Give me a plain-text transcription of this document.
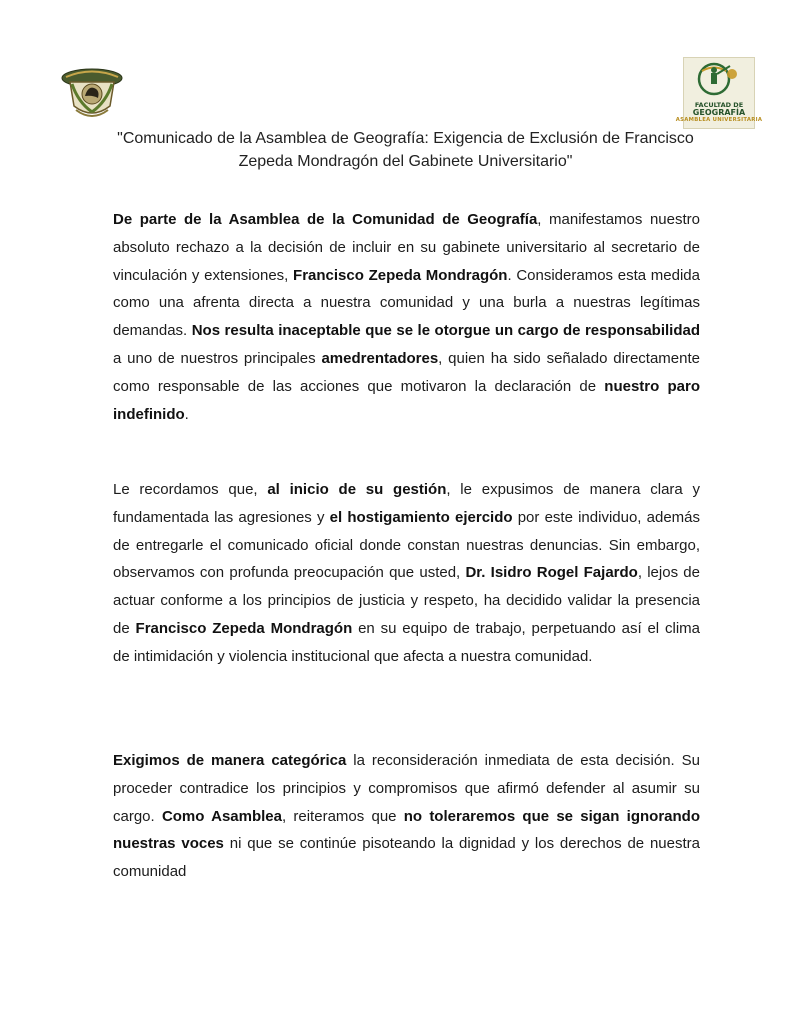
FACULTAD DE
GEOGRAFÍA
ASAMBLEA UNIVERSITARIA
"Comunicado de la Asamblea de Geografía: Exigencia de Exclusión de Francisco
Zepeda Mondragón del Gabinete Universitario"
De parte de la Asamblea de la Comunidad de Geografía, manifestamos nuestro absoluto rechazo a la decisión de incluir en su gabinete universitario al secretario de vinculación y extensiones, Francisco Zepeda Mondragón. Consideramos esta medida como una afrenta directa a nuestra comunidad y una burla a nuestras legítimas demandas. Nos resulta inaceptable que se le otorgue un cargo de responsabilidad a uno de nuestros principales amedrentadores, quien ha sido señalado directamente como responsable de las acciones que motivaron la declaración de nuestro paro indefinido.
Le recordamos que, al inicio de su gestión, le expusimos de manera clara y fundamentada las agresiones y el hostigamiento ejercido por este individuo, además de entregarle el comunicado oficial donde constan nuestras denuncias. Sin embargo, observamos con profunda preocupación que usted, Dr. Isidro Rogel Fajardo, lejos de actuar conforme a los principios de justicia y respeto, ha decidido validar la presencia de Francisco Zepeda Mondragón en su equipo de trabajo, perpetuando así el clima de intimidación y violencia institucional que afecta a nuestra comunidad.
Exigimos de manera categórica la reconsideración inmediata de esta decisión. Su proceder contradice los principios y compromisos que afirmó defender al asumir su cargo. Como Asamblea, reiteramos que no toleraremos que se sigan ignorando nuestras voces ni que se continúe pisoteando la dignidad y los derechos de nuestra comunidad
